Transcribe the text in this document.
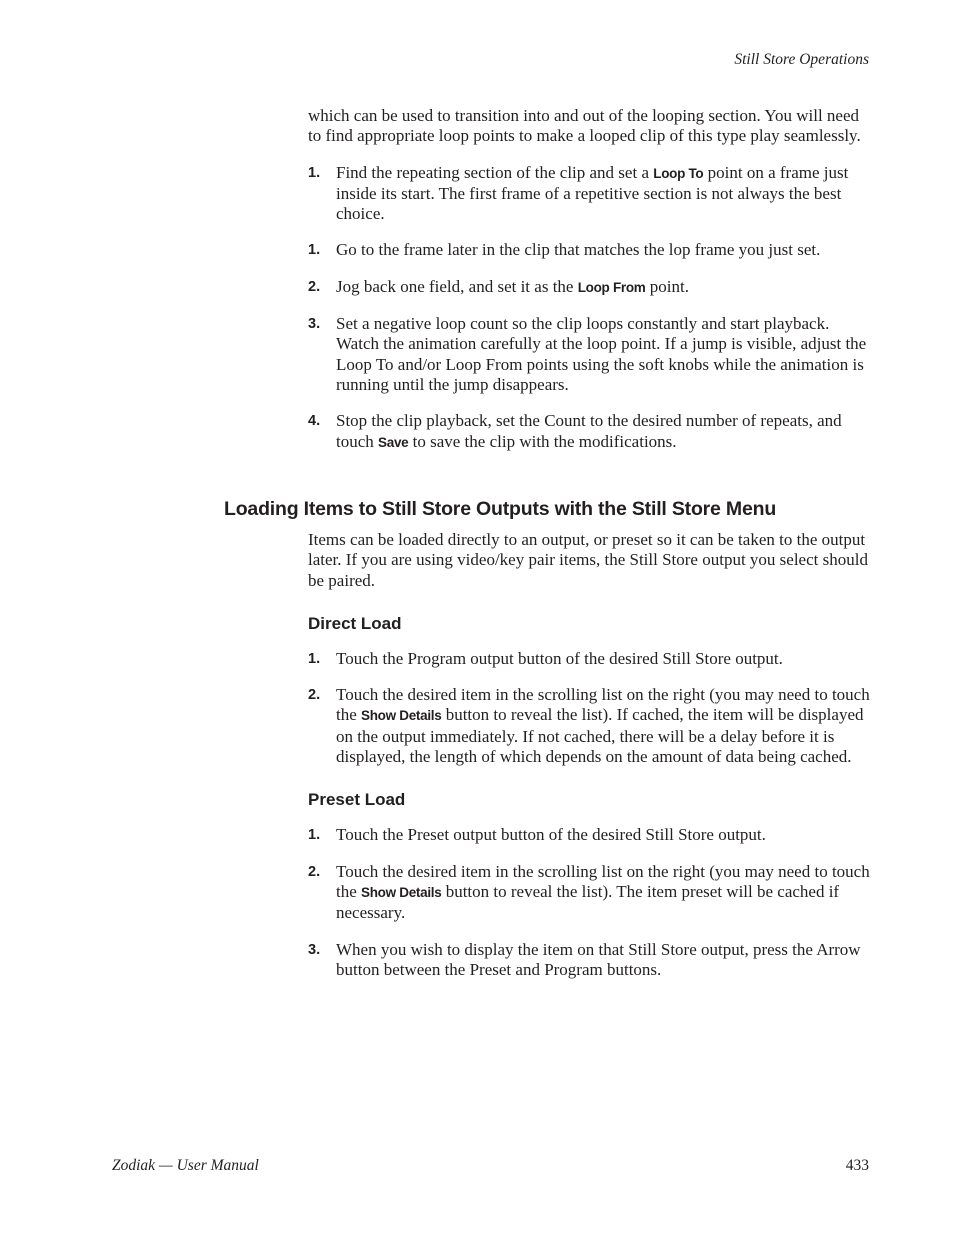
Still Store Operations

which can be used to transition into and out of the looping section. You will need to find appropriate loop points to make a looped clip of this type play seamlessly.

1. Find the repeating section of the clip and set a Loop To point on a frame just inside its start. The first frame of a repetitive section is not always the best choice.
1. Go to the frame later in the clip that matches the lop frame you just set.
2. Jog back one field, and set it as the Loop From point.
3. Set a negative loop count so the clip loops constantly and start playback. Watch the animation carefully at the loop point. If a jump is visible, adjust the Loop To and/or Loop From points using the soft knobs while the animation is running until the jump disappears.
4. Stop the clip playback, set the Count to the desired number of repeats, and touch Save to save the clip with the modifications.
Loading Items to Still Store Outputs with the Still Store Menu

Items can be loaded directly to an output, or preset so it can be taken to the output later. If you are using video/key pair items, the Still Store output you select should be paired.

Direct Load
1. Touch the Program output button of the desired Still Store output.
2. Touch the desired item in the scrolling list on the right (you may need to touch the Show Details button to reveal the list). If cached, the item will be displayed on the output immediately. If not cached, there will be a delay before it is displayed, the length of which depends on the amount of data being cached.
Preset Load
1. Touch the Preset output button of the desired Still Store output.
2. Touch the desired item in the scrolling list on the right (you may need to touch the Show Details button to reveal the list). The item preset will be cached if necessary.
3. When you wish to display the item on that Still Store output, press the Arrow button between the Preset and Program buttons.
Zodiak — User Manual	433
